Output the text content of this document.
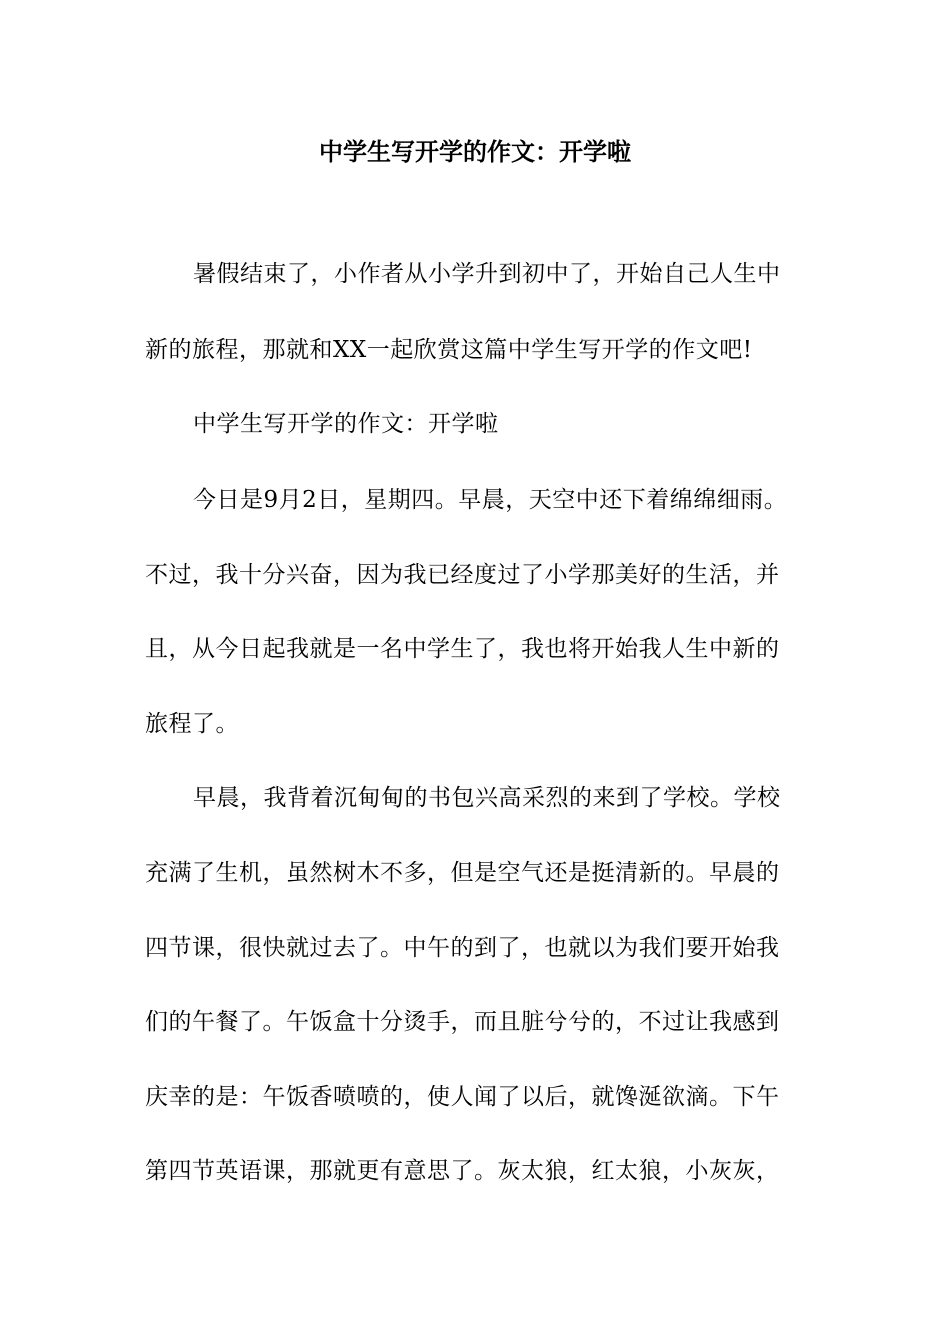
中学生写开学的作文：开学啦
暑假结束了，小作者从小学升到初中了，开始自己人生中
新的旅程，那就和XX一起欣赏这篇中学生写开学的作文吧!
中学生写开学的作文：开学啦
今日是9月2日，星期四。早晨，天空中还下着绵绵细雨。
不过，我十分兴奋，因为我已经度过了小学那美好的生活，并
且，从今日起我就是一名中学生了，我也将开始我人生中新的
旅程了。
早晨，我背着沉甸甸的书包兴高采烈的来到了学校。学校
充满了生机，虽然树木不多，但是空气还是挺清新的。早晨的
四节课，很快就过去了。中午的到了，也就以为我们要开始我
们的午餐了。午饭盒十分烫手，而且脏兮兮的，不过让我感到
庆幸的是：午饭香喷喷的，使人闻了以后，就馋涎欲滴。下午
第四节英语课，那就更有意思了。灰太狼，红太狼，小灰灰，
